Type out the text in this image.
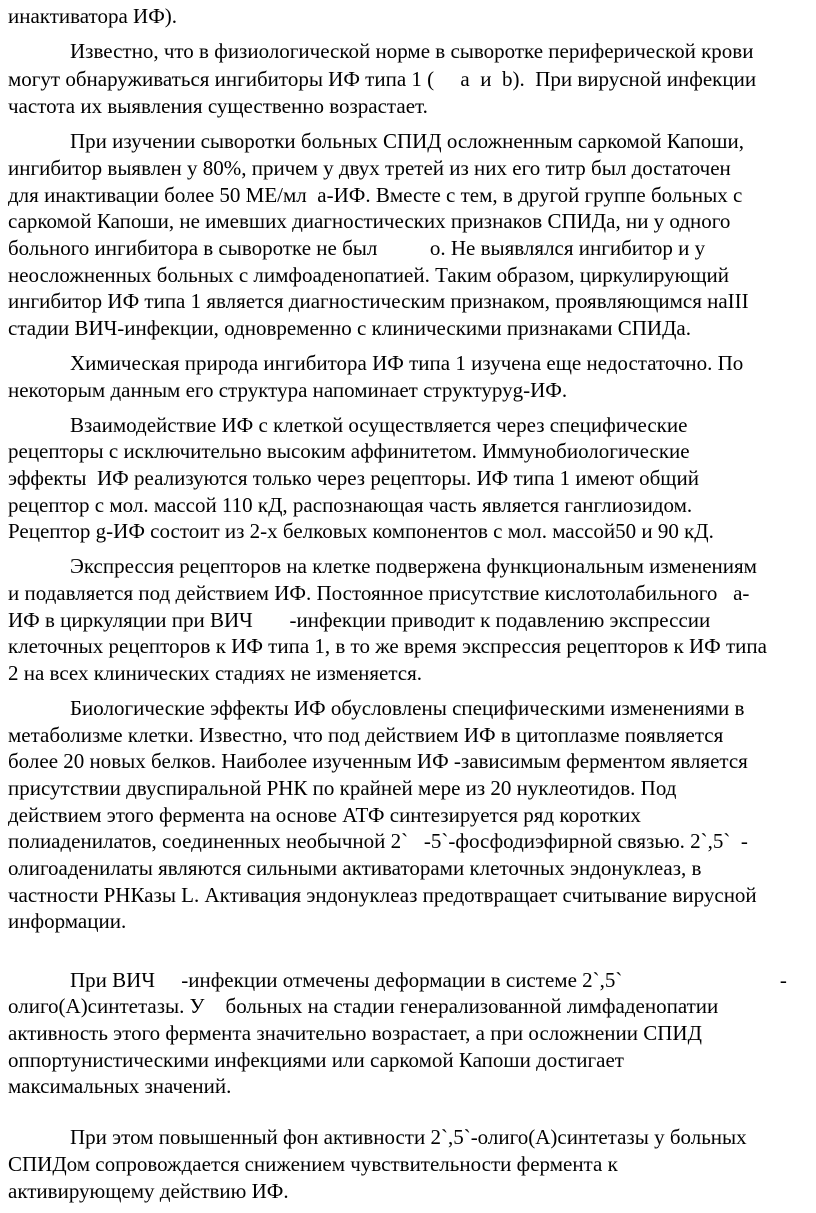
инактиватора ИФ).
Известно, что в физиологической норме в сыворотке периферической крови
могут обнаруживаться ингибиторы ИФ типа 1 (     а  и  b).  При вирусной инфекции
частота их выявления существенно возрастает.
При изучении сыворотки больных СПИД осложненным саркомой Капоши,
ингибитор выявлен у 80%, причем у двух третей из них его титр был достаточен
для инактивации более 50 МЕ/мл  а-ИФ. Вместе с тем, в другой группе больных с
саркомой Капоши, не имевших диагностических признаков СПИДа, ни у одного
больного ингибитора в сыворотке не был          о. Не выявлялся ингибитор и у
неосложненных больных с лимфоаденопатией. Таким образом, циркулирующий
ингибитор ИФ типа 1 является диагностическим признаком, проявляющимся наIII
стадии ВИЧ-инфекции, одновременно с клиническими признаками СПИДа.
Химическая природа ингибитора ИФ типа 1 изучена еще недостаточно. По
некоторым данным его структура напоминает структуруg-ИФ.
Взаимодействие ИФ с клеткой осуществляется через специфические
рецепторы с исключительно высоким аффинитетом. Иммунобиологические
эффекты  ИФ реализуются только через рецепторы. ИФ типа 1 имеют общий
рецептор с мол. массой 110 кД, распознающая часть является ганглиозидом.
Рецептор g-ИФ состоит из 2-х белковых компонентов с мол. массой50 и 90 кД.
Экспрессия рецепторов на клетке подвержена функциональным изменениям
и подавляется под действием ИФ. Постоянное присутствие кислотолабильного   а-
ИФ в циркуляции при ВИЧ       -инфекции приводит к подавлению экспрессии
клеточных рецепторов к ИФ типа 1, в то же время экспрессия рецепторов к ИФ типа
2 на всех клинических стадиях не изменяется.
Биологические эффекты ИФ обусловлены специфическими изменениями в
метаболизме клетки. Известно, что под действием ИФ в цитоплазме появляется
более 20 новых белков. Наиболее изученным ИФ -зависимым ферментом является
присутствии двуспиральной РНК по крайней мере из 20 нуклеотидов. Под
действием этого фермента на основе АТФ синтезируется ряд коротких
полиаденилатов, соединенных необычной 2`   -5`-фосфодиэфирной связью. 2`,5`  -
олигоаденилаты являются сильными активаторами клеточных эндонуклеаз, в
частности РНКазы L. Активация эндонуклеаз предотвращает считывание вирусной
информации.
При ВИЧ     -инфекции отмечены деформации в системе 2`,5`                              -
олиго(А)синтетазы. У    больных на стадии генерализованной лимфаденопатии
активность этого фермента значительно возрастает, а при осложнении СПИД
оппортунистическими инфекциями или саркомой Капоши достигает
максимальных значений.
При этом повышенный фон активности 2`,5`-олиго(А)синтетазы у больных
СПИДом сопровождается снижением чувствительности фермента к
активирующему действию ИФ.
